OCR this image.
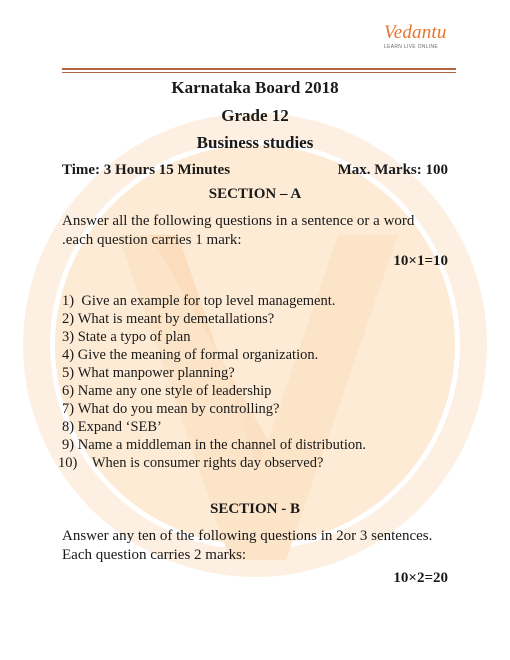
Vedantu
LEARN LIVE ONLINE
Karnataka Board 2018
Grade 12
Business studies
Time: 3 Hours 15 Minutes	Max. Marks: 100
SECTION – A
Answer all the following questions in a sentence or a word
.each question carries 1 mark:
10×1=10
1) Give an example for top level management.
2) What is meant by demetallations?
3) State a typo of plan
4) Give the meaning of formal organization.
5) What manpower planning?
6) Name any one style of leadership
7) What do you mean by controlling?
8) Expand ‘SEB’
9) Name a middleman in the channel of distribution.
10) When is consumer rights day observed?
SECTION - B
Answer any ten of the following questions in 2or 3 sentences.
Each question carries 2 marks:
10×2=20
